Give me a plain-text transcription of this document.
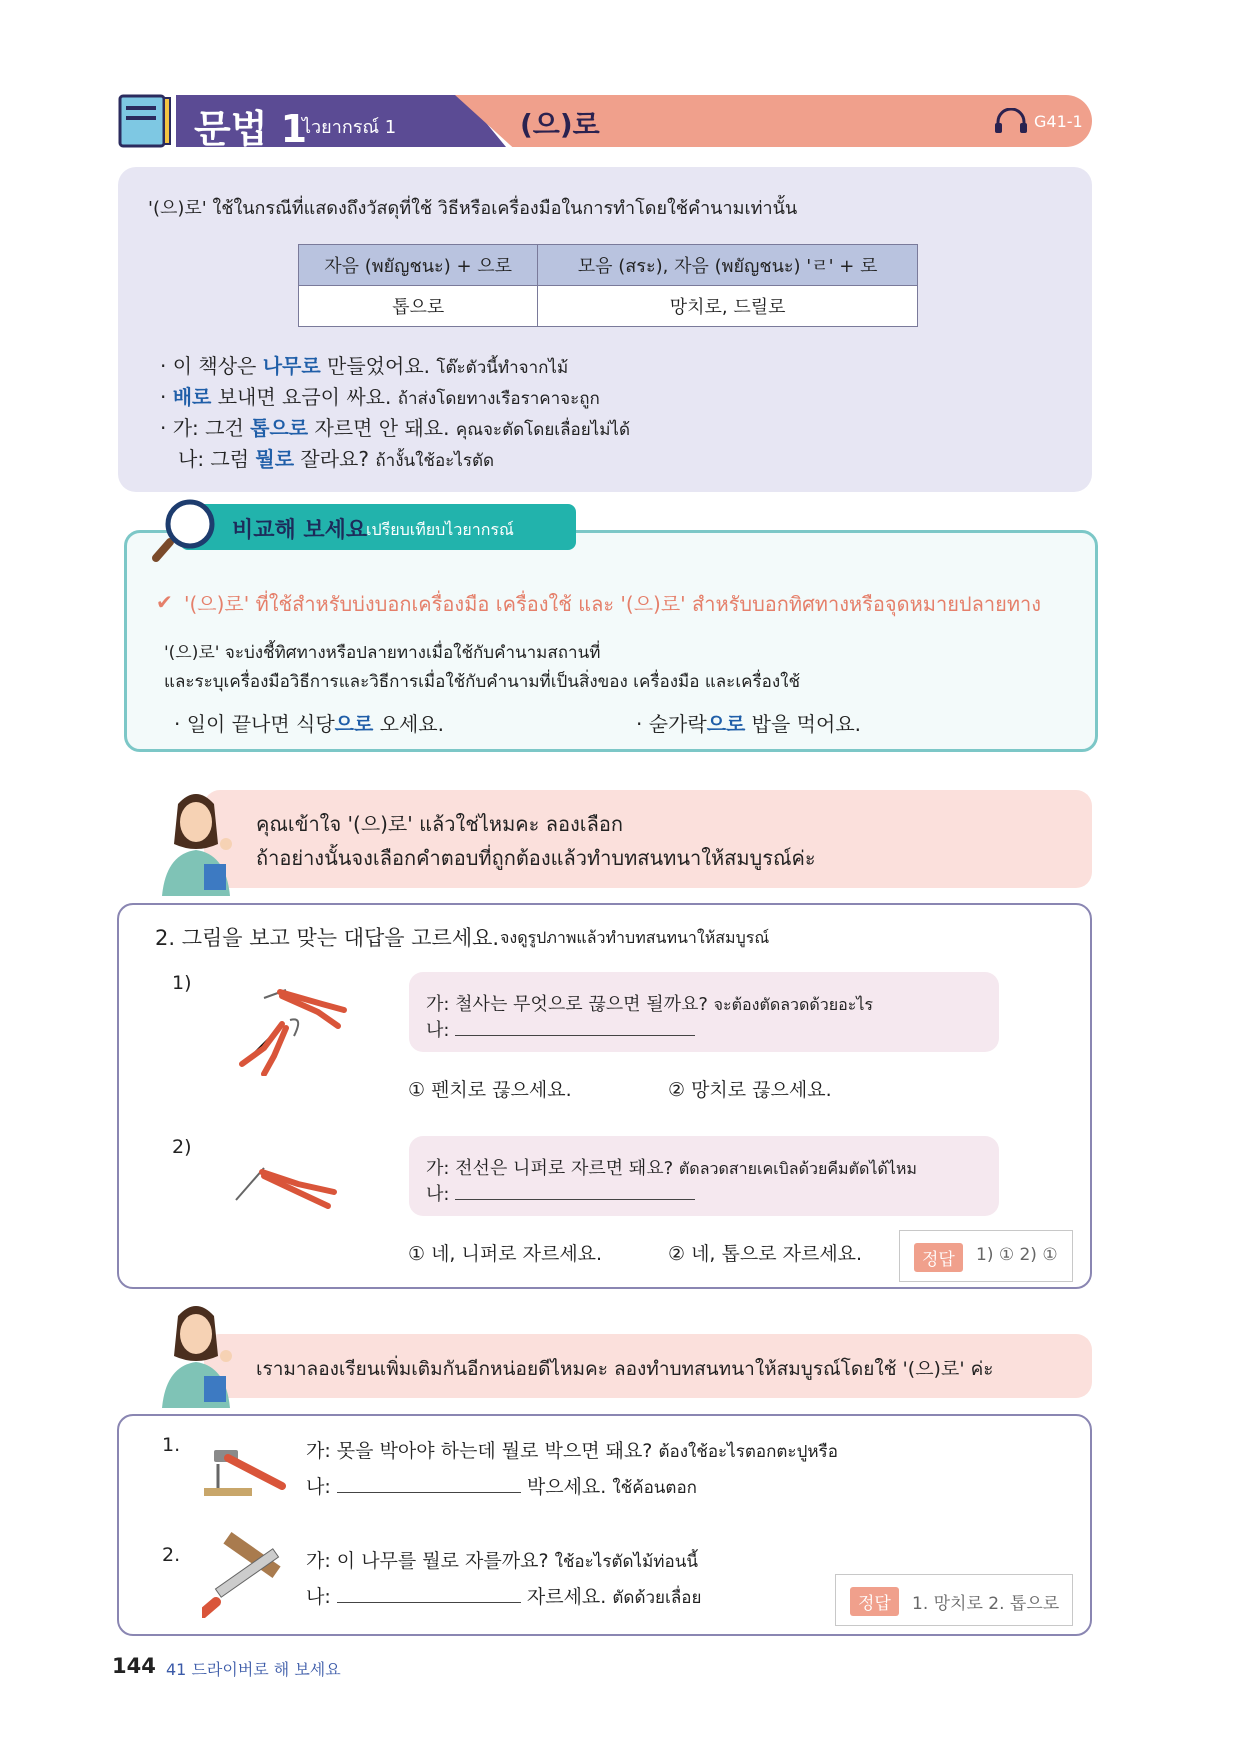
문법 1
ไวยากรณ์ 1	(으)로	G41-1
'(으)로' ใช้ในกรณีที่แสดงถึงวัสดุที่ใช้ วิธีหรือเครื่องมือในการทำโดยใช้คำนามเท่านั้น
자음 (พยัญชนะ) + 으로	모음 (สระ), 자음 (พยัญชนะ) 'ㄹ' + 로
톱으로	망치로, 드릴로
· 이 책상은 나무로 만들었어요. โต๊ะตัวนี้ทำจากไม้
· 배로 보내면 요금이 싸요. ถ้าส่งโดยทางเรือราคาจะถูก
· 가: 그건 톱으로 자르면 안 돼요. คุณจะตัดโดยเลื่อยไม่ได้
나: 그럼 뭘로 잘라요? ถ้างั้นใช้อะไรตัด
비교해 보세요
เปรียบเทียบไวยากรณ์
✔ '(으)로' ที่ใช้สำหรับบ่งบอกเครื่องมือ เครื่องใช้ และ '(으)로' สำหรับบอกทิศทางหรือจุดหมายปลายทาง
'(으)로' จะบ่งชี้ทิศทางหรือปลายทางเมื่อใช้กับคำนามสถานที่
และระบุเครื่องมือวิธีการและวิธีการเมื่อใช้กับคำนามที่เป็นสิ่งของ เครื่องมือ และเครื่องใช้
· 일이 끝나면 식당으로 오세요.	· 숟가락으로 밥을 먹어요.
คุณเข้าใจ '(으)로' แล้วใช่ไหมคะ ลองเลือก
ถ้าอย่างนั้นจงเลือกคำตอบที่ถูกต้องแล้วทำบทสนทนาให้สมบูรณ์ค่ะ
2. 그림을 보고 맞는 대답을 고르세요. จงดูรูปภาพแล้วทำบทสนทนาให้สมบูรณ์
1)
가: 철사는 무엇으로 끊으면 될까요? จะต้องตัดลวดด้วยอะไร
나:
① 펜치로 끊으세요.	② 망치로 끊으세요.
2)
가: 전선은 니퍼로 자르면 돼요? ตัดลวดสายเคเบิลด้วยคีมตัดได้ไหม
나:
① 네, 니퍼로 자르세요.	② 네, 톱으로 자르세요.	정답	1) ① 2) ①
เรามาลองเรียนเพิ่มเติมกันอีกหน่อยดีไหมคะ ลองทำบทสนทนาให้สมบูรณ์โดยใช้ '(으)로' ค่ะ
1.	가: 못을 박아야 하는데 뭘로 박으면 돼요? ต้องใช้อะไรตอกตะปูหรือ
나:	박으세요. ใช้ค้อนตอก
2.	가: 이 나무를 뭘로 자를까요? ใช้อะไรตัดไม้ท่อนนี้
나:	자르세요. ตัดด้วยเลื่อย	정답	1. 망치로 2. 톱으로
144 41 드라이버로 해 보세요
